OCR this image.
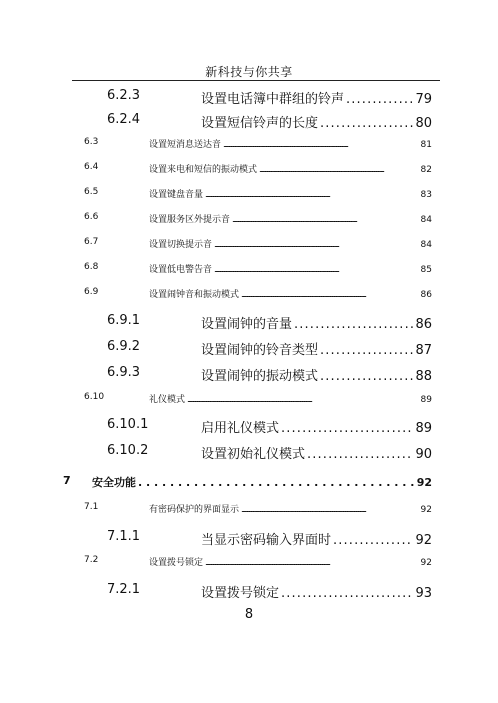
新科技与你共享
6.2.3	设置电话簿中群组的铃声 . . .	79
6.2.4	设置短信铃声的长度 . . .	80
6.3	设置短消息送达音 . . .	81
6.4	设置来电和短信的振动模式 . . .	82
6.5	设置键盘音量 . . .	83
6.6	设置服务区外提示音 . . .	84
6.7	设置切换提示音 . . .	84
6.8	设置低电警告音 . . .	85
6.9	设置闹钟音和振动模式 . . .	86
6.9.1	设置闹钟的音量 . . .	86
6.9.2	设置闹钟的铃音类型 . . .	87
6.9.3	设置闹钟的振动模式 . . .	88
6.10	礼仪模式 . . .	89
6.10.1	启用礼仪模式 . . .	89
6.10.2	设置初始礼仪模式 . . .	90
7 安全功能 . . .	92
7.1	有密码保护的界面显示 . . .	92
7.1.1	当显示密码输入界面时 . . .	92
7.2	设置拨号锁定 . . .	92
7.2.1	设置拨号锁定 . . .	93
8
